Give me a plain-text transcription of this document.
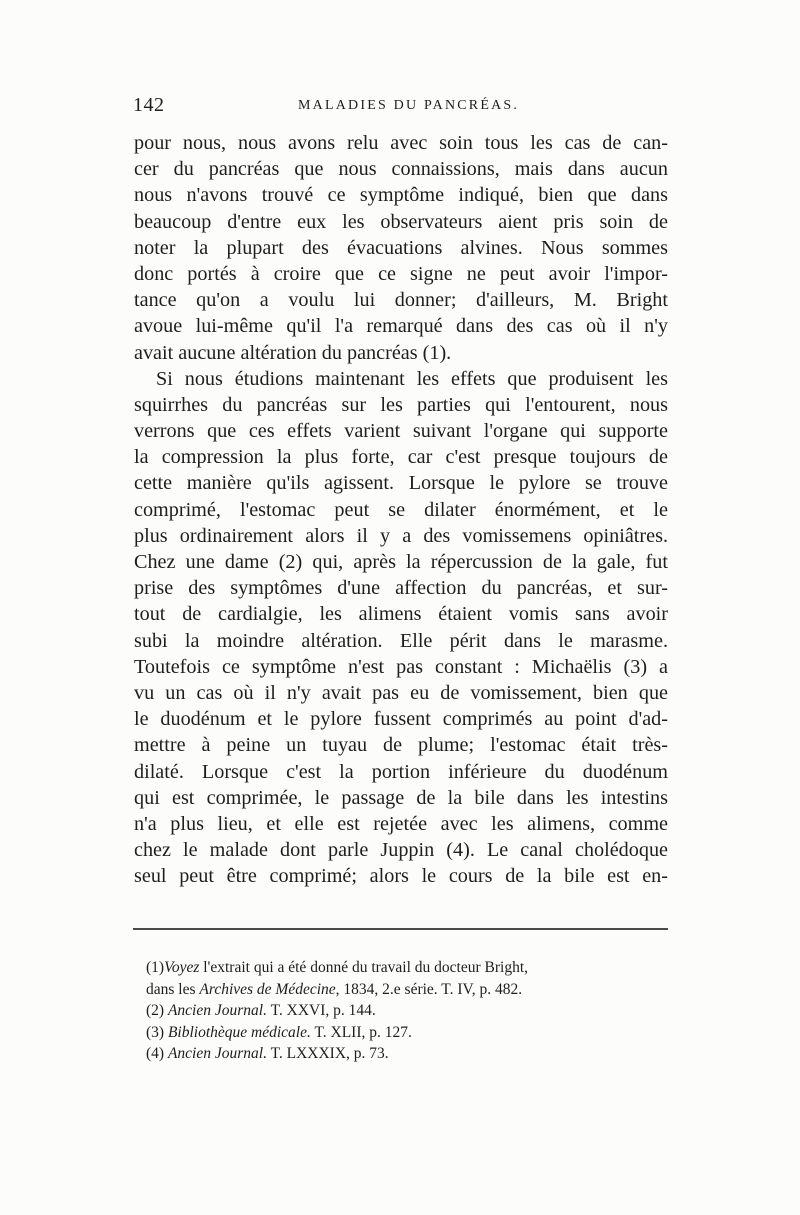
142	MALADIES DU PANCRÉAS.
pour nous, nous avons relu avec soin tous les cas de can-
cer du pancréas que nous connaissions, mais dans aucun
nous n'avons trouvé ce symptôme indiqué, bien que dans
beaucoup d'entre eux les observateurs aient pris soin de
noter la plupart des évacuations alvines. Nous sommes
donc portés à croire que ce signe ne peut avoir l'impor-
tance qu'on a voulu lui donner; d'ailleurs, M. Bright
avoue lui-même qu'il l'a remarqué dans des cas où il n'y
avait aucune altération du pancréas (1).
Si nous étudions maintenant les effets que produisent les
squirrhes du pancréas sur les parties qui l'entourent, nous
verrons que ces effets varient suivant l'organe qui supporte
la compression la plus forte, car c'est presque toujours de
cette manière qu'ils agissent. Lorsque le pylore se trouve
comprimé, l'estomac peut se dilater énormément, et le
plus ordinairement alors il y a des vomissemens opiniâtres.
Chez une dame (2) qui, après la répercussion de la gale, fut
prise des symptômes d'une affection du pancréas, et sur-
tout de cardialgie, les alimens étaient vomis sans avoir
subi la moindre altération. Elle périt dans le marasme.
Toutefois ce symptôme n'est pas constant : Michaëlis (3) a
vu un cas où il n'y avait pas eu de vomissement, bien que
le duodénum et le pylore fussent comprimés au point d'ad-
mettre à peine un tuyau de plume; l'estomac était très-
dilaté. Lorsque c'est la portion inférieure du duodénum
qui est comprimée, le passage de la bile dans les intestins
n'a plus lieu, et elle est rejetée avec les alimens, comme
chez le malade dont parle Juppin (4). Le canal cholédoque
seul peut être comprimé; alors le cours de la bile est en-
(1)Voyez l'extrait qui a été donné du travail du docteur Bright,
dans les Archives de Médecine, 1834, 2.e série. T. IV, p. 482.
(2) Ancien Journal. T. XXVI, p. 144.
(3) Bibliothèque médicale. T. XLII, p. 127.
(4) Ancien Journal. T. LXXXIX, p. 73.
